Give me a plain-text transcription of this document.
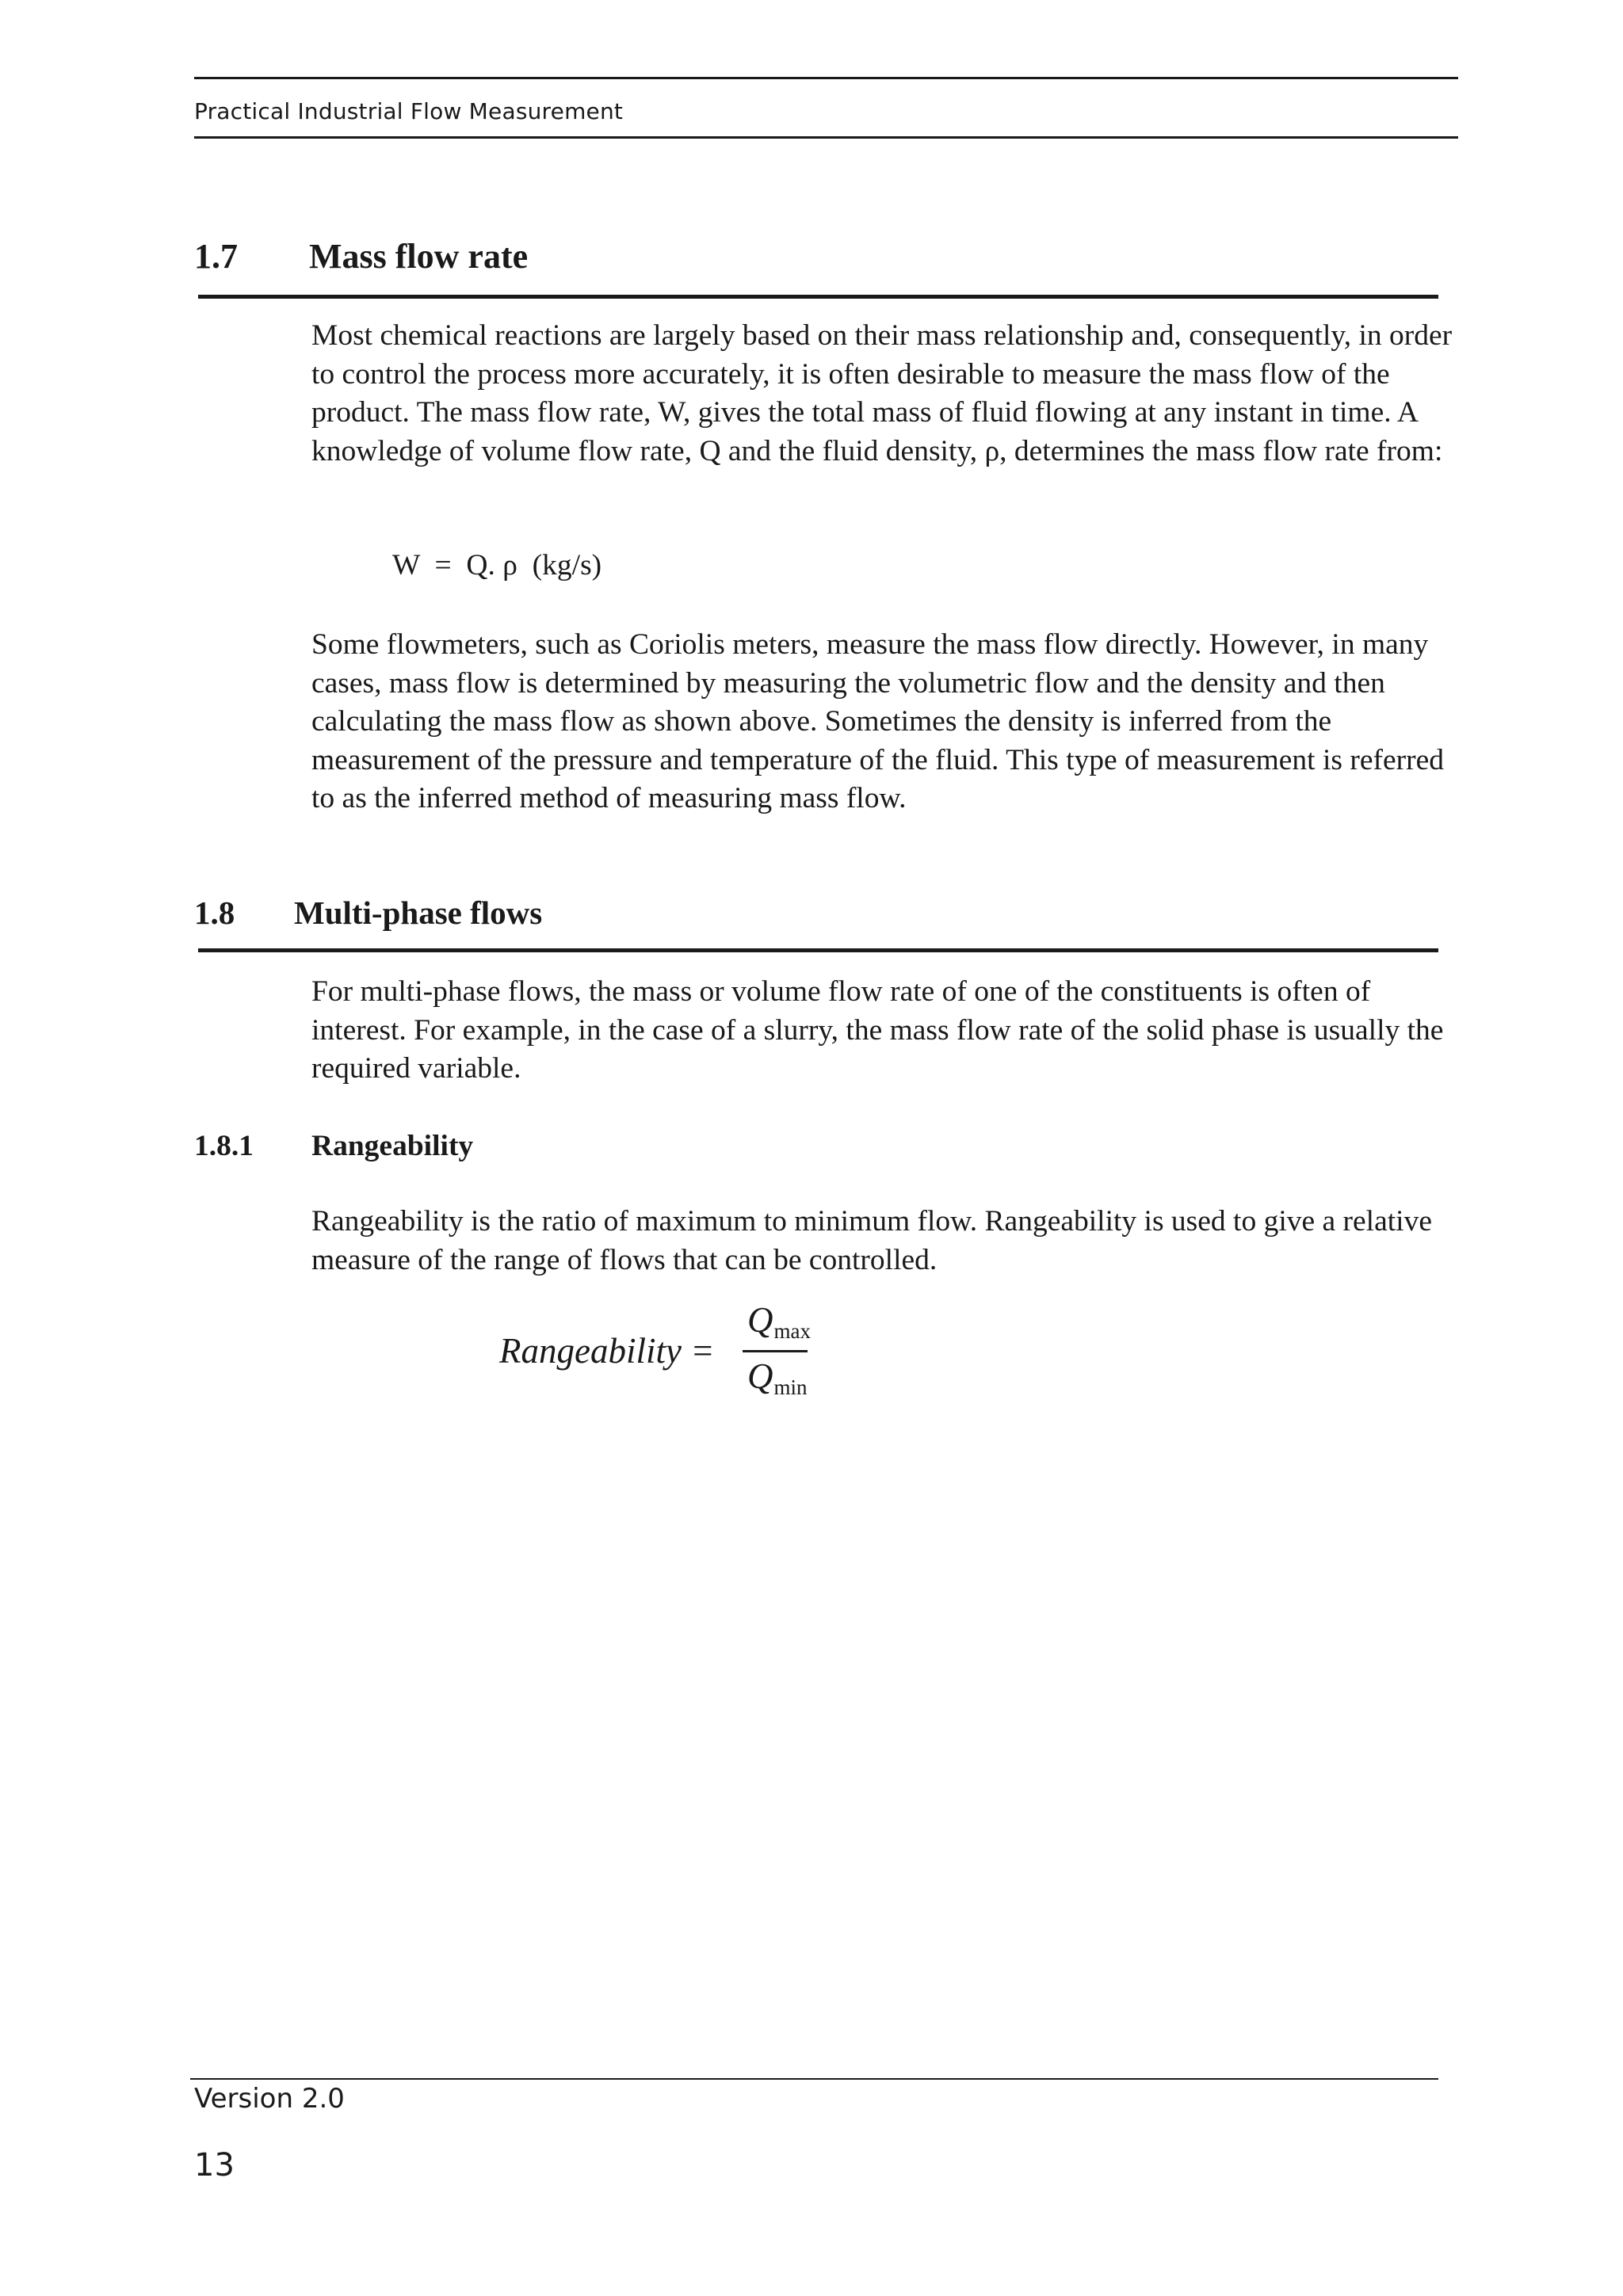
Practical Industrial Flow Measurement
1.7 Mass flow rate

Most chemical reactions are largely based on their mass relationship and, consequently, in order to control the process more accurately, it is often desirable to measure the mass flow of the product. The mass flow rate, W, gives the total mass of fluid flowing at any instant in time. A knowledge of volume flow rate, Q and the fluid density, ρ, determines the mass flow rate from:

W  =  Q. ρ  (kg/s)

Some flowmeters, such as Coriolis meters, measure the mass flow directly. However, in many cases, mass flow is determined by measuring the volumetric flow and the density and then calculating the mass flow as shown above. Sometimes the density is inferred from the measurement of the pressure and temperature of the fluid. This type of measurement is referred to as the inferred method of measuring mass flow.

1.8 Multi-phase flows

For multi-phase flows, the mass or volume flow rate of one of the constituents is often of interest. For example, in the case of a slurry, the mass flow rate of the solid phase is usually the required variable.

1.8.1 Rangeability

Rangeability is the ratio of maximum to minimum flow. Rangeability is used to give a relative measure of the range of flows that can be controlled.

Rangeability =
Qmax
Qmin
Version 2.0
13
